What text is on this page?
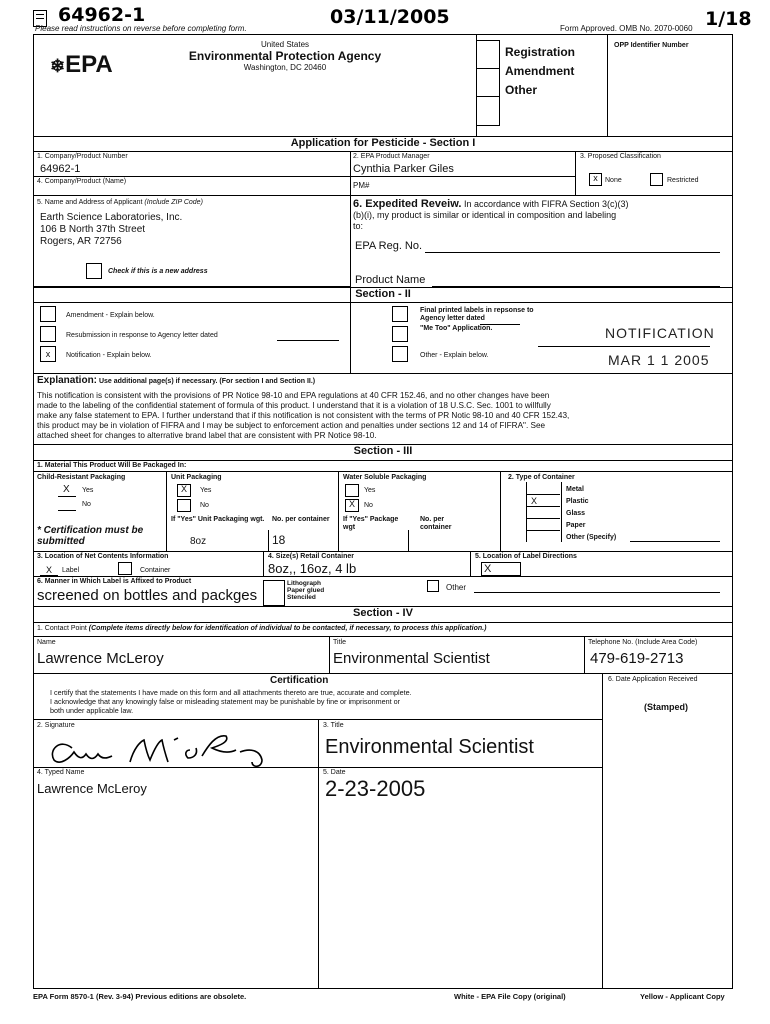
64962-1	03/11/2005	1/18
Please read instructions on reverse before completing form.	Form Approved. OMB No. 2070-0060
❄EPA
United States
Environmental Protection Agency
Washington, DC 20460
Registration
Amendment
Other
OPP Identifier Number
Application for Pesticide - Section I
1. Company/Product Number
64962-1
2. EPA Product Manager
Cynthia Parker Giles
3. Proposed Classification
x	None	Restricted
4. Company/Product (Name)	PM#
5. Name and Address of Applicant (Include ZIP Code)
Earth Science Laboratories, Inc.
106 B North 37th Street
Rogers, AR 72756
Check if this is a new address
6. Expedited Reveiw. In accordance with FIFRA Section 3(c)(3)
(b)(i), my product is similar or identical in composition and labeling
to:
EPA Reg. No.
Product Name
Section - II
Amendment - Explain below.
Resubmission in response to Agency letter dated
x	Notification - Explain below.
Final printed labels in repsonse to
Agency letter dated
"Me Too" Application.
Other - Explain below.
NOTIFICATION
MAR 1 1 2005
Explanation: Use additional page(s) if necessary. (For section I and Section II.)
This notification is consistent with the provisions of PR Notice 98-10 and EPA regulations at 40 CFR 152.46, and no other changes have been
made to the labeling of the confidential statement of formula of this product. I understand that it is a violation of 18 U.S.C. Sec. 1001 to willfully
make any false statement to EPA. I further understand that if this notification is not consistent with the terms of PR Notic 98-10 and 40 CFR 152.43,
this product may be in violation of FIFRA and I may be subject to enforcement action and penalties under sections 12 and 14 of FIFRA". See
attached sheet for changes to alterrative brand label that are consistent with PR Notice 98-10.
Section - III
1. Material This Product Will Be Packaged In:
Child-Resistant Packaging
X Yes
No
* Certification must be submitted
Unit Packaging
X	Yes
No
If "Yes" Unit Packaging wgt.	No. per container
8oz	18
Water Soluble Packaging
Yes
X	No
If "Yes" Package wgt
No. per container
2. Type of Container
X
Metal
Plastic
Glass
Paper
Other (Specify)
3. Location of Net Contents Information
X Label	Container
4. Size(s) Retail Container
8oz,, 16oz, 4 lb
5. Location of Label Directions
X
6. Manner in Which Label is Affixed to Product
screened on bottles and packges
Lithograph
Paper glued
Stenciled
Other
Section - IV
1. Contact Point (Complete items directly below for identification of individual to be contacted, if necessary, to process this application.)
Name
Lawrence McLeroy
Title
Environmental Scientist
Telephone No. (Include Area Code)
479-619-2713
Certification
I certify that the statements I have made on this form and all attachments thereto are true, accurate and complete.
I acknowledge that any knowingly false or misleading statement may be punishable by fine or imprisonment or
both under applicable law.
6. Date Application Received
(Stamped)
2. Signature	3. Title
Environmental Scientist
4. Typed Name
Lawrence McLeroy
5. Date
2-23-2005
EPA Form 8570-1 (Rev. 3-94) Previous editions are obsolete.	White - EPA File Copy (original)	Yellow - Applicant Copy
